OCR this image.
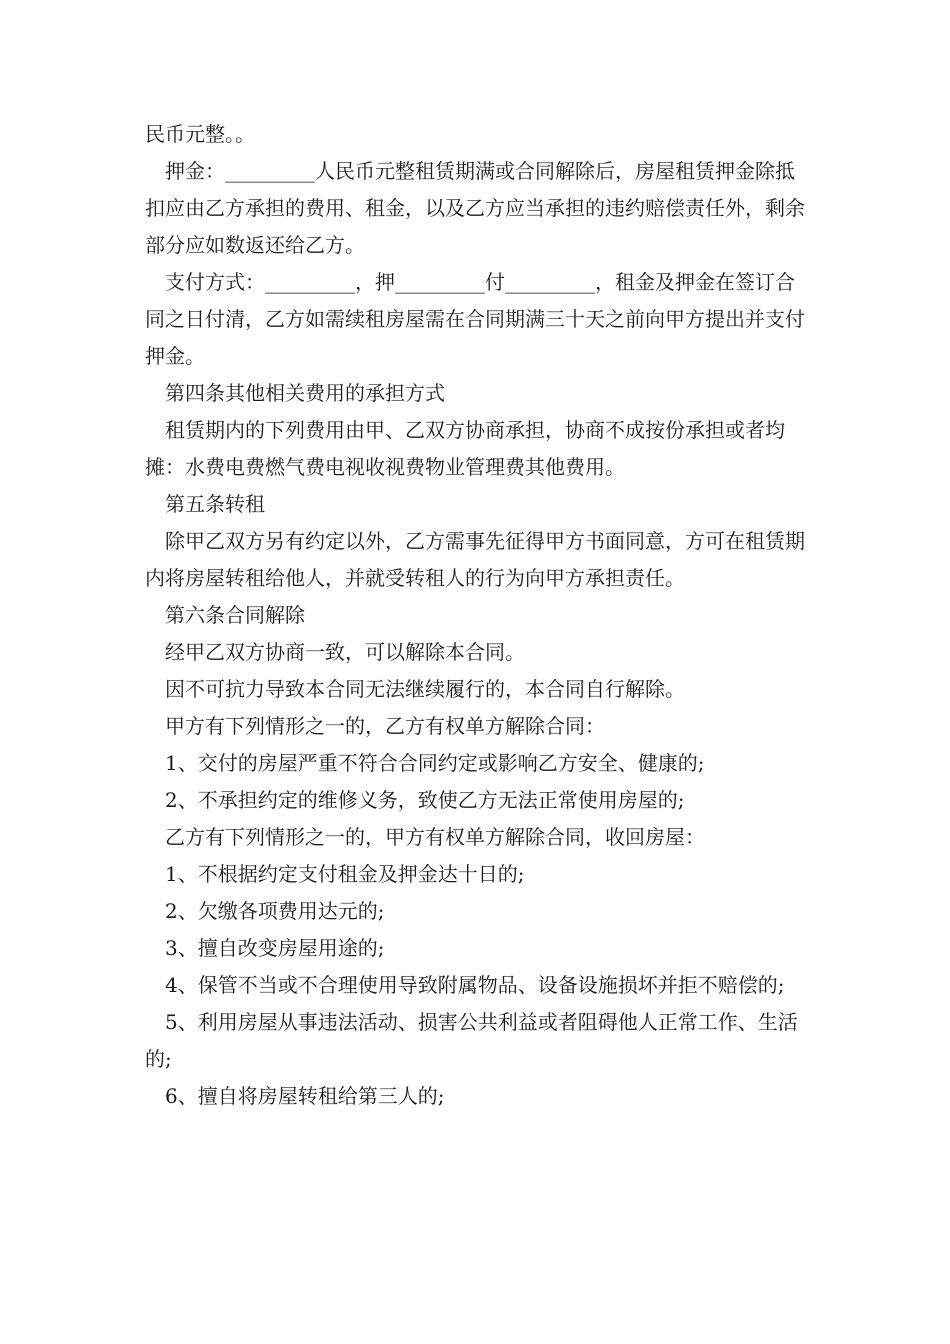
民币元整。。

押金：_________人民币元整租赁期满或合同解除后，房屋租赁押金除抵扣应由乙方承担的费用、租金，以及乙方应当承担的违约赔偿责任外，剩余部分应如数返还给乙方。

支付方式：_________，押_________付_________，租金及押金在签订合同之日付清，乙方如需续租房屋需在合同期满三十天之前向甲方提出并支付押金。

第四条其他相关费用的承担方式

租赁期内的下列费用由甲、乙双方协商承担，协商不成按份承担或者均摊：水费电费燃气费电视收视费物业管理费其他费用。

第五条转租

除甲乙双方另有约定以外，乙方需事先征得甲方书面同意，方可在租赁期内将房屋转租给他人，并就受转租人的行为向甲方承担责任。

第六条合同解除

经甲乙双方协商一致，可以解除本合同。

因不可抗力导致本合同无法继续履行的，本合同自行解除。

甲方有下列情形之一的，乙方有权单方解除合同：

1、交付的房屋严重不符合合同约定或影响乙方安全、健康的;

2、不承担约定的维修义务，致使乙方无法正常使用房屋的;

乙方有下列情形之一的，甲方有权单方解除合同，收回房屋：

1、不根据约定支付租金及押金达十日的;

2、欠缴各项费用达元的;

3、擅自改变房屋用途的;

4、保管不当或不合理使用导致附属物品、设备设施损坏并拒不赔偿的;

5、利用房屋从事违法活动、损害公共利益或者阻碍他人正常工作、生活的;

6、擅自将房屋转租给第三人的;
